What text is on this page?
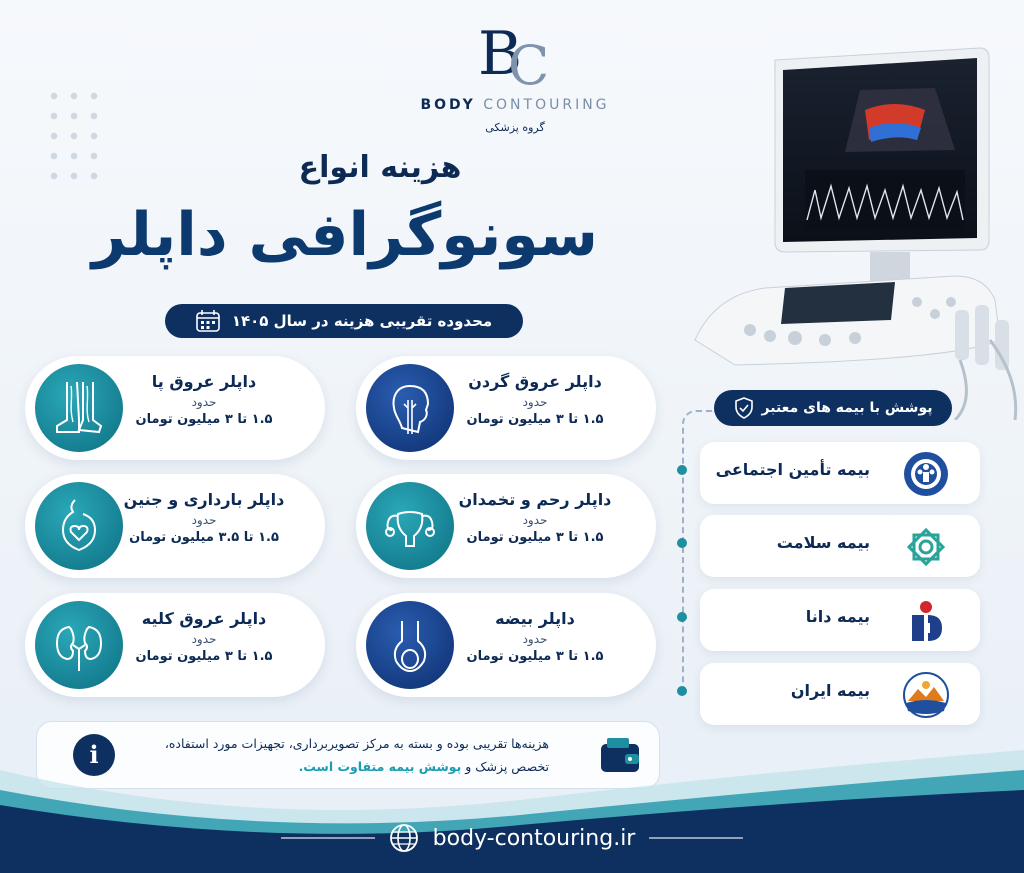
B
C
BODY CONTOURING
گروه پزشکی
هزینه انواع
سونوگرافی داپلر
محدوده تقریبی هزینه در سال ۱۴۰۵
داپلر عروق گردن
حدود
۱.۵ تا ۳ میلیون تومان
داپلر عروق پا
حدود
۱.۵ تا ۳ میلیون تومان
داپلر رحم و تخمدان
حدود
۱.۵ تا ۳ میلیون تومان
داپلر بارداری و جنین
حدود
۱.۵ تا ۳.۵ میلیون تومان
داپلر بیضه
حدود
۱.۵ تا ۳ میلیون تومان
داپلر عروق کلیه
حدود
۱.۵ تا ۳ میلیون تومان
پوشش با بیمه های معتبر
بیمه تأمین اجتماعی
بیمه سلامت
بیمه دانا
بیمه ایران
i	هزینه‌ها تقریبی بوده و بسته به مرکز تصویربرداری، تجهیزات مورد استفاده،
تخصص پزشک و پوشش بیمه متفاوت است.
body-contouring.ir
